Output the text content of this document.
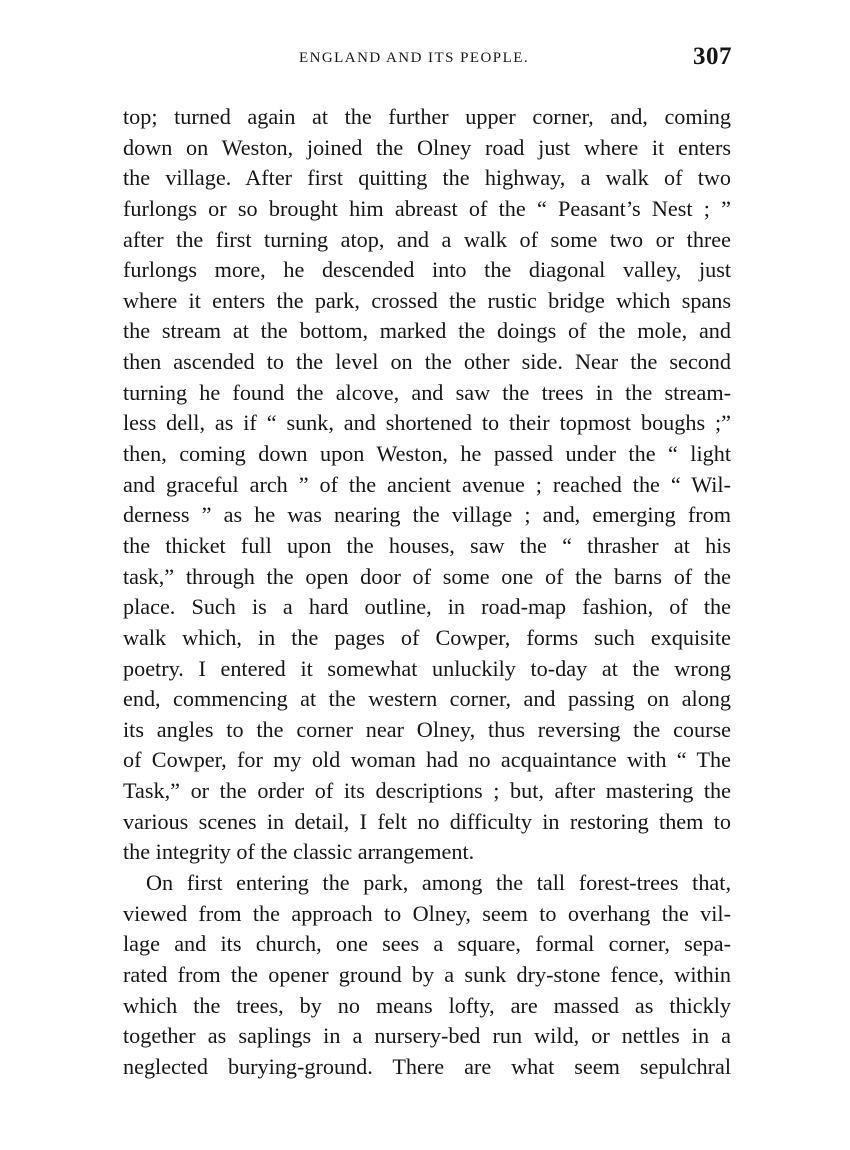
ENGLAND AND ITS PEOPLE.	307
top; turned again at the further upper corner, and, coming
down on Weston, joined the Olney road just where it enters
the village. After first quitting the highway, a walk of two
furlongs or so brought him abreast of the “ Peasant’s Nest ; ”
after the first turning atop, and a walk of some two or three
furlongs more, he descended into the diagonal valley, just
where it enters the park, crossed the rustic bridge which spans
the stream at the bottom, marked the doings of the mole, and
then ascended to the level on the other side. Near the second
turning he found the alcove, and saw the trees in the stream-
less dell, as if “ sunk, and shortened to their topmost boughs ;”
then, coming down upon Weston, he passed under the “ light
and graceful arch ” of the ancient avenue ; reached the “ Wil-
derness ” as he was nearing the village ; and, emerging from
the thicket full upon the houses, saw the “ thrasher at his
task,” through the open door of some one of the barns of the
place. Such is a hard outline, in road-map fashion, of the
walk which, in the pages of Cowper, forms such exquisite
poetry. I entered it somewhat unluckily to-day at the wrong
end, commencing at the western corner, and passing on along
its angles to the corner near Olney, thus reversing the course
of Cowper, for my old woman had no acquaintance with “ The
Task,” or the order of its descriptions ; but, after mastering the
various scenes in detail, I felt no difficulty in restoring them to
the integrity of the classic arrangement.
On first entering the park, among the tall forest-trees that,
viewed from the approach to Olney, seem to overhang the vil-
lage and its church, one sees a square, formal corner, sepa-
rated from the opener ground by a sunk dry-stone fence, within
which the trees, by no means lofty, are massed as thickly
together as saplings in a nursery-bed run wild, or nettles in a
neglected burying-ground. There are what seem sepulchral
